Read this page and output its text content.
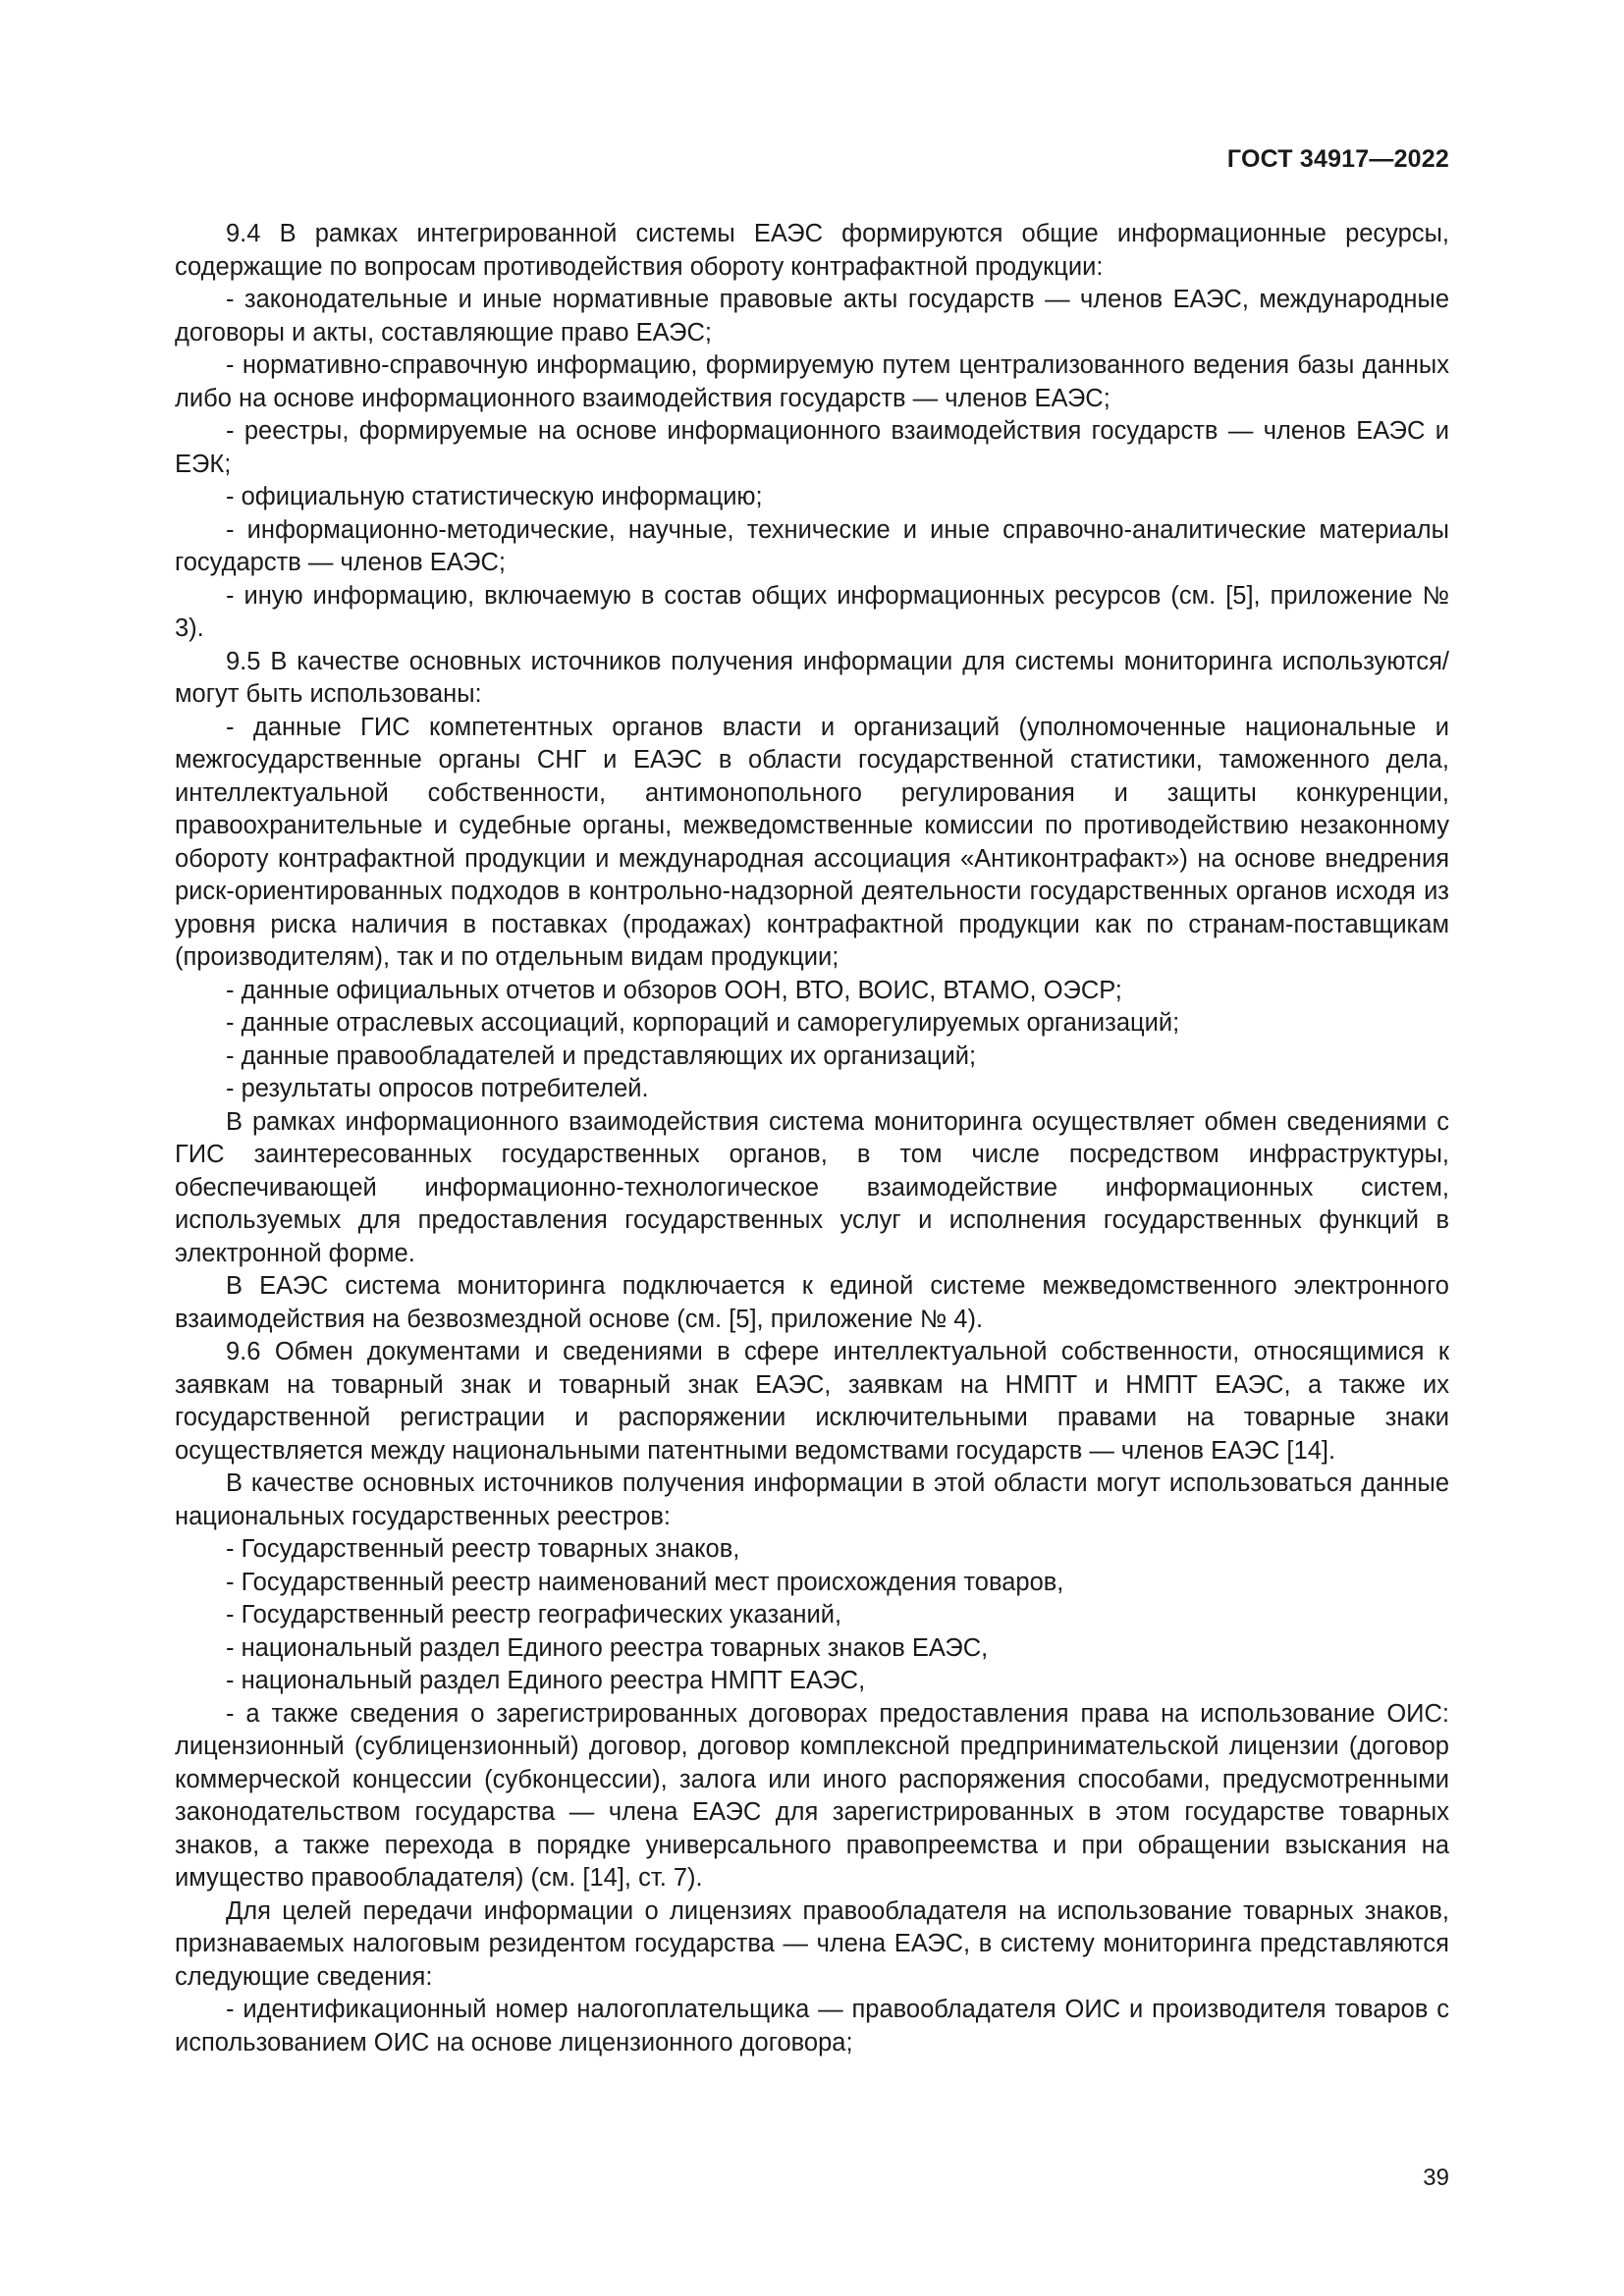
ГОСТ 34917—2022

9.4 В рамках интегрированной системы ЕАЭС формируются общие информационные ресурсы, содержащие по вопросам противодействия обороту контрафактной продукции:

- законодательные и иные нормативные правовые акты государств — членов ЕАЭС, международные договоры и акты, составляющие право ЕАЭС;

- нормативно-справочную информацию, формируемую путем централизованного ведения базы данных либо на основе информационного взаимодействия государств — членов ЕАЭС;

- реестры, формируемые на основе информационного взаимодействия государств — членов ЕАЭС и ЕЭК;

- официальную статистическую информацию;

- информационно-методические, научные, технические и иные справочно-аналитические материалы государств — членов ЕАЭС;

- иную информацию, включаемую в состав общих информационных ресурсов (см. [5], приложение № 3).

9.5 В качестве основных источников получения информации для системы мониторинга используются/могут быть использованы:

- данные ГИС компетентных органов власти и организаций (уполномоченные национальные и межгосударственные органы СНГ и ЕАЭС в области государственной статистики, таможенного дела, интеллектуальной собственности, антимонопольного регулирования и защиты конкуренции, правоохранительные и судебные органы, межведомственные комиссии по противодействию незаконному обороту контрафактной продукции и международная ассоциация «Антиконтрафакт») на основе внедрения риск-ориентированных подходов в контрольно-надзорной деятельности государственных органов исходя из уровня риска наличия в поставках (продажах) контрафактной продукции как по странам-поставщикам (производителям), так и по отдельным видам продукции;

- данные официальных отчетов и обзоров ООН, ВТО, ВОИС, ВТАМО, ОЭСР;

- данные отраслевых ассоциаций, корпораций и саморегулируемых организаций;

- данные правообладателей и представляющих их организаций;

- результаты опросов потребителей.

В рамках информационного взаимодействия система мониторинга осуществляет обмен сведениями с ГИС заинтересованных государственных органов, в том числе посредством инфраструктуры, обеспечивающей информационно-технологическое взаимодействие информационных систем, используемых для предоставления государственных услуг и исполнения государственных функций в электронной форме.

В ЕАЭС система мониторинга подключается к единой системе межведомственного электронного взаимодействия на безвозмездной основе (см. [5], приложение № 4).

9.6 Обмен документами и сведениями в сфере интеллектуальной собственности, относящимися к заявкам на товарный знак и товарный знак ЕАЭС, заявкам на НМПТ и НМПТ ЕАЭС, а также их государственной регистрации и распоряжении исключительными правами на товарные знаки осуществляется между национальными патентными ведомствами государств — членов ЕАЭС [14].

В качестве основных источников получения информации в этой области могут использоваться данные национальных государственных реестров:

- Государственный реестр товарных знаков,

- Государственный реестр наименований мест происхождения товаров,

- Государственный реестр географических указаний,

- национальный раздел Единого реестра товарных знаков ЕАЭС,

- национальный раздел Единого реестра НМПТ ЕАЭС,

- а также сведения о зарегистрированных договорах предоставления права на использование ОИС: лицензионный (сублицензионный) договор, договор комплексной предпринимательской лицензии (договор коммерческой концессии (субконцессии), залога или иного распоряжения способами, предусмотренными законодательством государства — члена ЕАЭС для зарегистрированных в этом государстве товарных знаков, а также перехода в порядке универсального правопреемства и при обращении взыскания на имущество правообладателя) (см. [14], ст. 7).

Для целей передачи информации о лицензиях правообладателя на использование товарных знаков, признаваемых налоговым резидентом государства — члена ЕАЭС, в систему мониторинга представляются следующие сведения:

- идентификационный номер налогоплательщика — правообладателя ОИС и производителя товаров с использованием ОИС на основе лицензионного договора;

39
